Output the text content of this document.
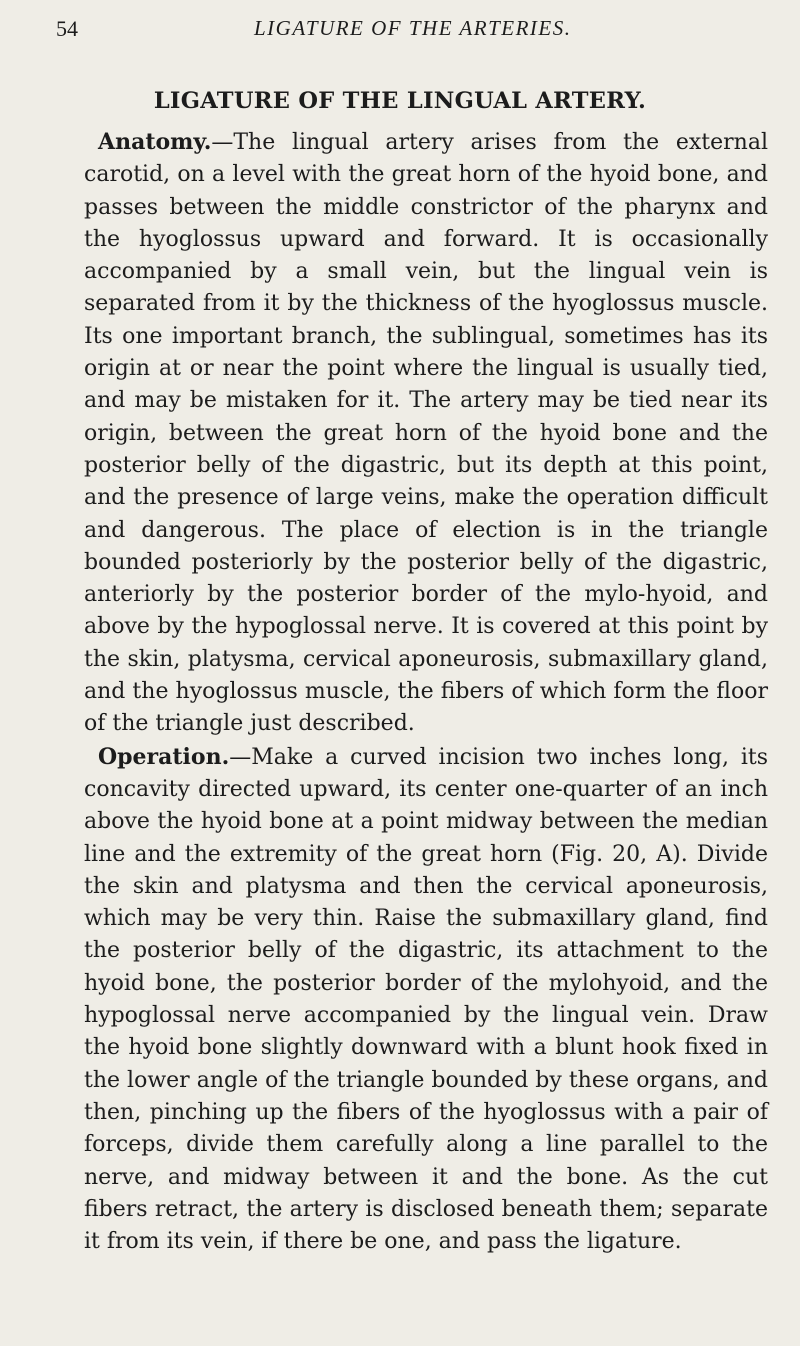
54	LIGATURE OF THE ARTERIES.
LIGATURE OF THE LINGUAL ARTERY.

Anatomy.—The lingual artery arises from the external carotid, on a level with the great horn of the hyoid bone, and passes between the middle constrictor of the pharynx and the hyoglossus upward and forward. It is occasionally accompanied by a small vein, but the lingual vein is separated from it by the thickness of the hyoglossus muscle. Its one important branch, the sublingual, sometimes has its origin at or near the point where the lingual is usually tied, and may be mistaken for it. The artery may be tied near its origin, between the great horn of the hyoid bone and the posterior belly of the digastric, but its depth at this point, and the presence of large veins, make the operation difficult and dangerous. The place of election is in the triangle bounded posteriorly by the posterior belly of the digastric, anteriorly by the posterior border of the mylo-hyoid, and above by the hypoglossal nerve. It is covered at this point by the skin, platysma, cervical aponeurosis, submaxillary gland, and the hyoglossus muscle, the fibers of which form the floor of the triangle just described.

Operation.—Make a curved incision two inches long, its concavity directed upward, its center one-quarter of an inch above the hyoid bone at a point midway between the median line and the extremity of the great horn (Fig. 20, A). Divide the skin and platysma and then the cervical aponeurosis, which may be very thin. Raise the submaxillary gland, find the posterior belly of the digastric, its attachment to the hyoid bone, the posterior border of the mylohyoid, and the hypoglossal nerve accompanied by the lingual vein. Draw the hyoid bone slightly downward with a blunt hook fixed in the lower angle of the triangle bounded by these organs, and then, pinching up the fibers of the hyoglossus with a pair of forceps, divide them carefully along a line parallel to the nerve, and midway between it and the bone. As the cut fibers retract, the artery is disclosed beneath them; separate it from its vein, if there be one, and pass the ligature.
